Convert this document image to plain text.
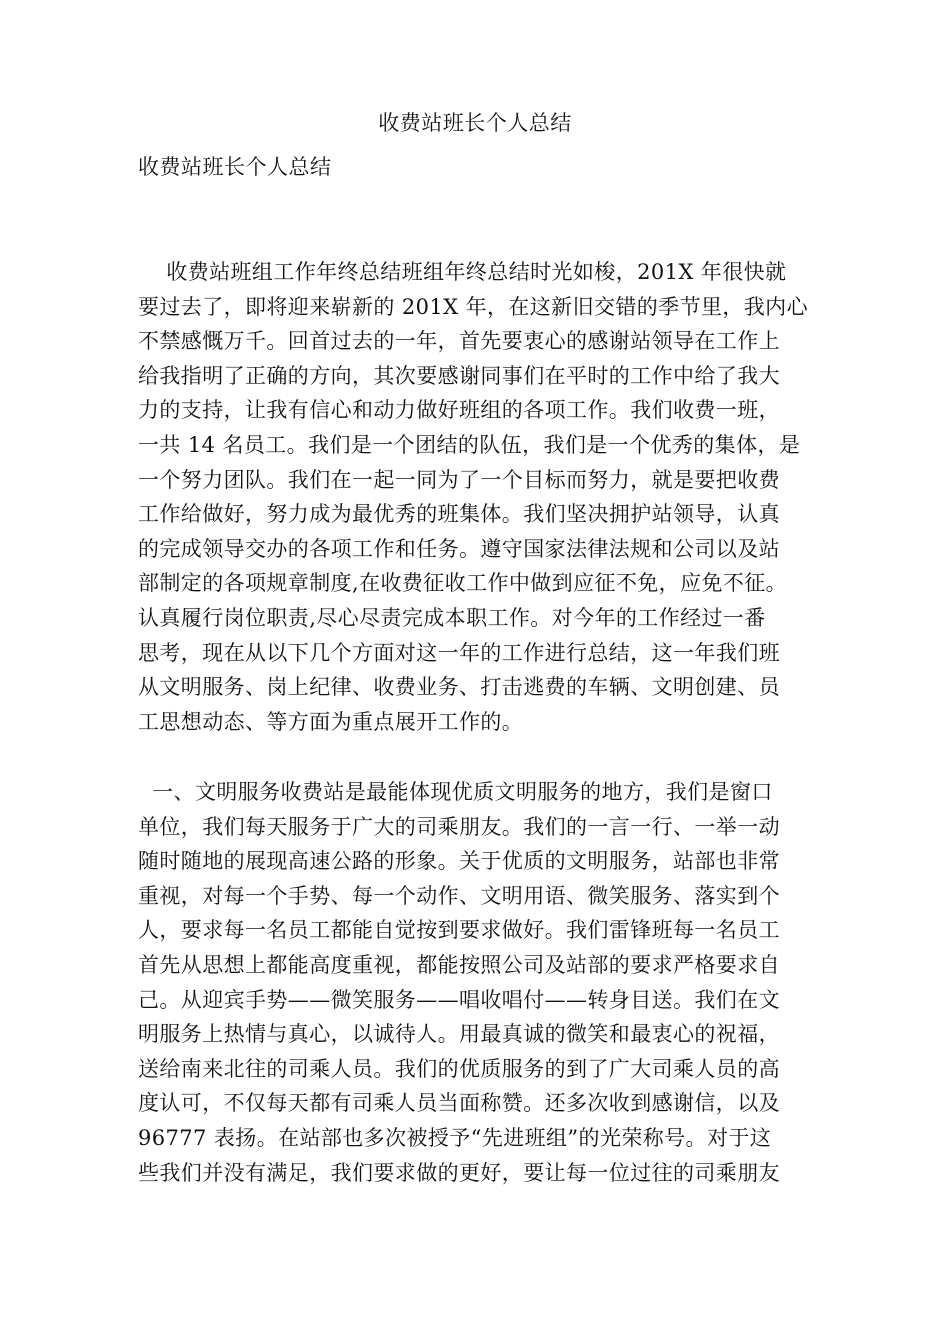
收费站班长个人总结
收费站班长个人总结
收费站班组工作年终总结班组年终总结时光如梭，201X 年很快就
要过去了，即将迎来崭新的 201X 年，在这新旧交错的季节里，我内心
不禁感慨万千。回首过去的一年，首先要衷心的感谢站领导在工作上
给我指明了正确的方向，其次要感谢同事们在平时的工作中给了我大
力的支持，让我有信心和动力做好班组的各项工作。我们收费一班，
一共 14 名员工。我们是一个团结的队伍，我们是一个优秀的集体，是
一个努力团队。我们在一起一同为了一个目标而努力，就是要把收费
工作给做好，努力成为最优秀的班集体。我们坚决拥护站领导，认真
的完成领导交办的各项工作和任务。遵守国家法律法规和公司以及站
部制定的各项规章制度,在收费征收工作中做到应征不免，应免不征。
认真履行岗位职责,尽心尽责完成本职工作。对今年的工作经过一番
思考，现在从以下几个方面对这一年的工作进行总结，这一年我们班
从文明服务、岗上纪律、收费业务、打击逃费的车辆、文明创建、员
工思想动态、等方面为重点展开工作的。
一、文明服务收费站是最能体现优质文明服务的地方，我们是窗口
单位，我们每天服务于广大的司乘朋友。我们的一言一行、一举一动
随时随地的展现高速公路的形象。关于优质的文明服务，站部也非常
重视，对每一个手势、每一个动作、文明用语、微笑服务、落实到个
人，要求每一名员工都能自觉按到要求做好。我们雷锋班每一名员工
首先从思想上都能高度重视，都能按照公司及站部的要求严格要求自
己。从迎宾手势——微笑服务——唱收唱付——转身目送。我们在文
明服务上热情与真心，以诚待人。用最真诚的微笑和最衷心的祝福，
送给南来北往的司乘人员。我们的优质服务的到了广大司乘人员的高
度认可，不仅每天都有司乘人员当面称赞。还多次收到感谢信，以及
96777 表扬。在站部也多次被授予“先进班组”的光荣称号。对于这
些我们并没有满足，我们要求做的更好，要让每一位过往的司乘朋友
